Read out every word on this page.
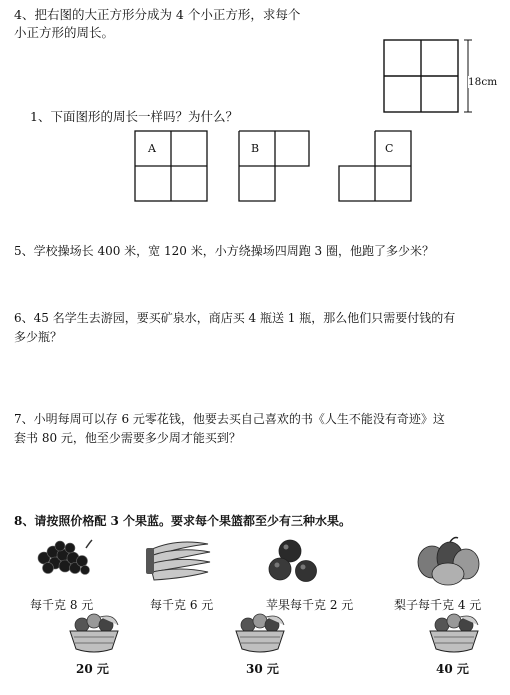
4、把右图的大正方形分成为 4 个小正方形，求每个
小正方形的周长。
18cm
1、下面图形的周长一样吗？为什么？
A	B	C
5、学校操场长 400 米，宽 120 米，小方绕操场四周跑 3 圈，他跑了多少米？
6、45 名学生去游园，要买矿泉水，商店买 4 瓶送 1 瓶，那么他们只需要付钱的有
多少瓶？
7、小明每周可以存 6 元零花钱，他要去买自己喜欢的书《人生不能没有奇迹》这
套书 80 元，他至少需要多少周才能买到？
8、请按照价格配 3 个果蓝。要求每个果篮都至少有三种水果。
每千克 8 元	每千克 6 元	苹果每千克 2 元	梨子每千克 4 元
20 元	30 元	40 元
